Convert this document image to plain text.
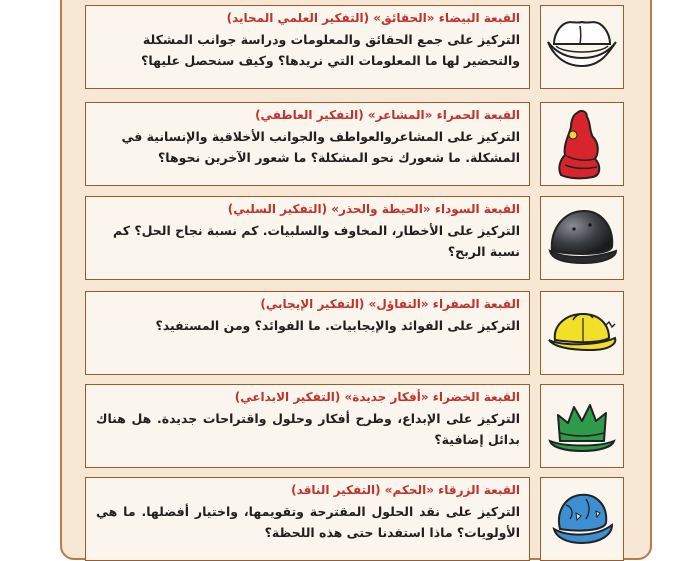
القبعة البيضاء «الحقائق» (التفكير العلمي المحايد)
التركيز على جمع الحقائق والمعلومات ودراسة جوانب المشكلة والتحضير لها ما المعلومات التي نريدها؟ وكيف سنحصل عليها؟
القبعة الحمراء «المشاعر» (التفكير العاطفي)
التركيز على المشاعروالعواطف والجوانب الأخلاقية والإنسانية في المشكلة. ما شعورك نحو المشكلة؟ ما شعور الآخرين نحوها؟
القبعة السوداء «الحيطة والحذر» (التفكير السلبي)
التركيز على الأخطار، المخاوف والسلبيات. كم نسبة نجاح الحل؟ كم نسبة الربح؟
القبعة الصفراء «التفاؤل» (التفكير الإيجابي)
التركيز على الفوائد والإيجابيات. ما الفوائد؟ ومن المستفيد؟
القبعة الخضراء «أفكار جديدة» (التفكير الابداعي)
التركيز على الإبداع، وطرح أفكار وحلول واقتراحات جديدة. هل هناك بدائل إضافية؟
القبعة الزرقاء «الحكم» (التفكير الناقد)
التركيز على نقد الحلول المقترحة وتقويمها، واختيار أفضلها. ما هي الأولويات؟ ماذا استفدنا حتى هذه اللحظة؟
